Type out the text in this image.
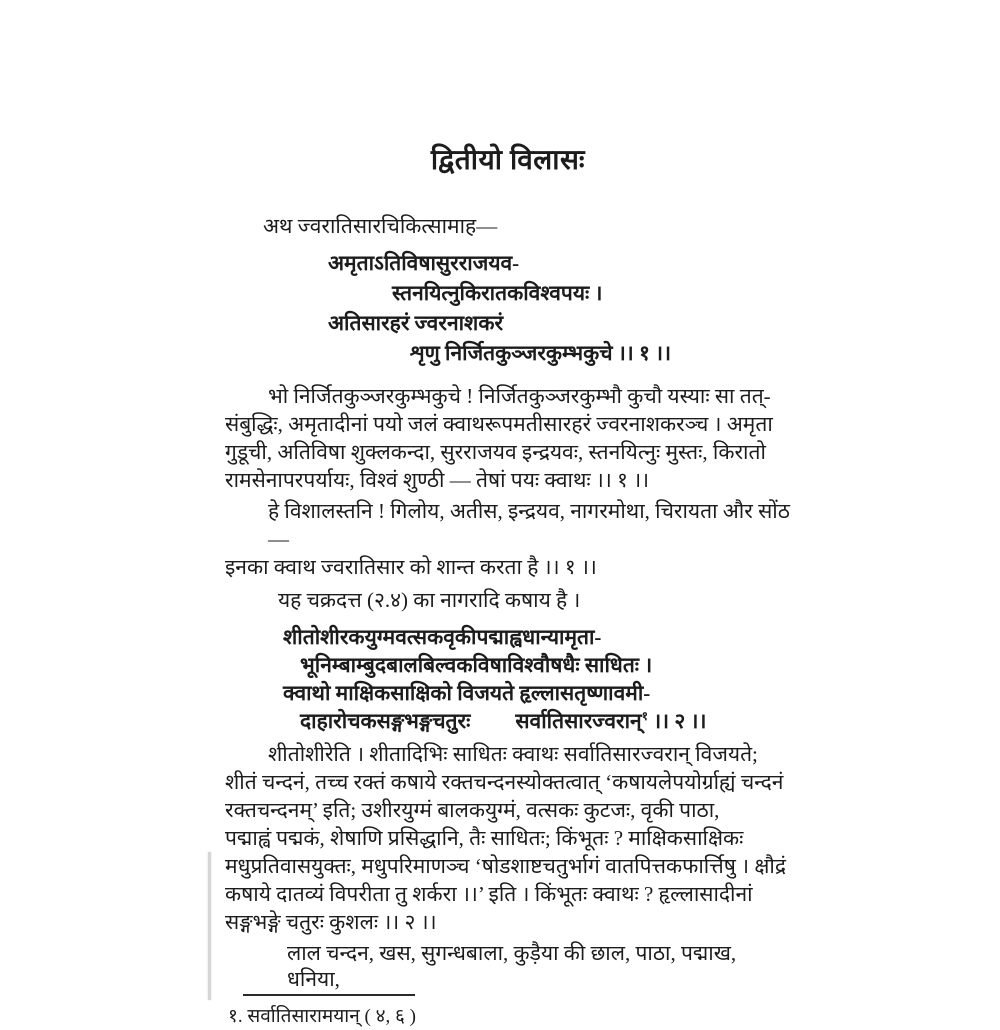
द्वितीयो विलासः

अथ ज्वरातिसारचिकित्सामाह—

अमृताऽतिविषासुरराजयव-
स्तनयित्नुकिरातकविश्वपयः ।
अतिसारहरं ज्वरनाशकरं
शृणु निर्जितकुञ्जरकुम्भकुचे ।। १ ।।
भो निर्जितकुञ्जरकुम्भकुचे ! निर्जितकुञ्जरकुम्भौ कुचौ यस्याः सा तत्-
संबुद्धिः, अमृतादीनां पयो जलं क्वाथरूपमतीसारहरं ज्वरनाशकरञ्च । अमृता
गुडूची, अतिविषा शुक्लकन्दा, सुरराजयव इन्द्रयवः, स्तनयित्नुः मुस्तः, किरातो
रामसेनापरपर्यायः, विश्वं शुण्ठी — तेषां पयः क्वाथः ।। १ ।।
हे विशालस्तनि ! गिलोय, अतीस, इन्द्रयव, नागरमोथा, चिरायता और सोंठ—
इनका क्वाथ ज्वरातिसार को शान्त करता है ।। १ ।।
यह चक्रदत्त (२.४) का नागरादि कषाय है ।
शीतोशीरकयुग्मवत्सकवृकीपद्माह्वधान्यामृता-
भूनिम्बाम्बुदबालबिल्वकविषाविश्वौषधैः साधितः ।
क्वाथो माक्षिकसाक्षिको विजयते हृल्लासतृष्णावमी-
दाहारोचकसङ्गभङ्गचतुरः सर्वातिसारज्वरान्$^१$ ।। २ ।।
शीतोशीरेति । शीतादिभिः साधितः क्वाथः सर्वातिसारज्वरान् विजयते;
शीतं चन्दनं, तच्च रक्तं कषाये रक्तचन्दनस्योक्तत्वात् ‘कषायलेपयोर्ग्राह्यं चन्दनं
रक्तचन्दनम्’ इति; उशीरयुग्मं बालकयुग्मं, वत्सकः कुटजः, वृकी पाठा,
पद्माह्वं पद्मकं, शेषाणि प्रसिद्धानि, तैः साधितः; किंभूतः ? माक्षिकसाक्षिकः
मधुप्रतिवासयुक्तः, मधुपरिमाणञ्च ‘षोडशाष्टचतुर्भागं वातपित्तकफार्त्तिषु । क्षौद्रं
कषाये दातव्यं विपरीता तु शर्करा ।।’ इति । किंभूतः क्वाथः ? हृल्लासादीनां
सङ्गभङ्गे चतुरः कुशलः ।। २ ।।
लाल चन्दन, खस, सुगन्धबाला, कुड़ैया की छाल, पाठा, पद्माख, धनिया,

१. सर्वातिसारामयान् ( ४, ६ )
